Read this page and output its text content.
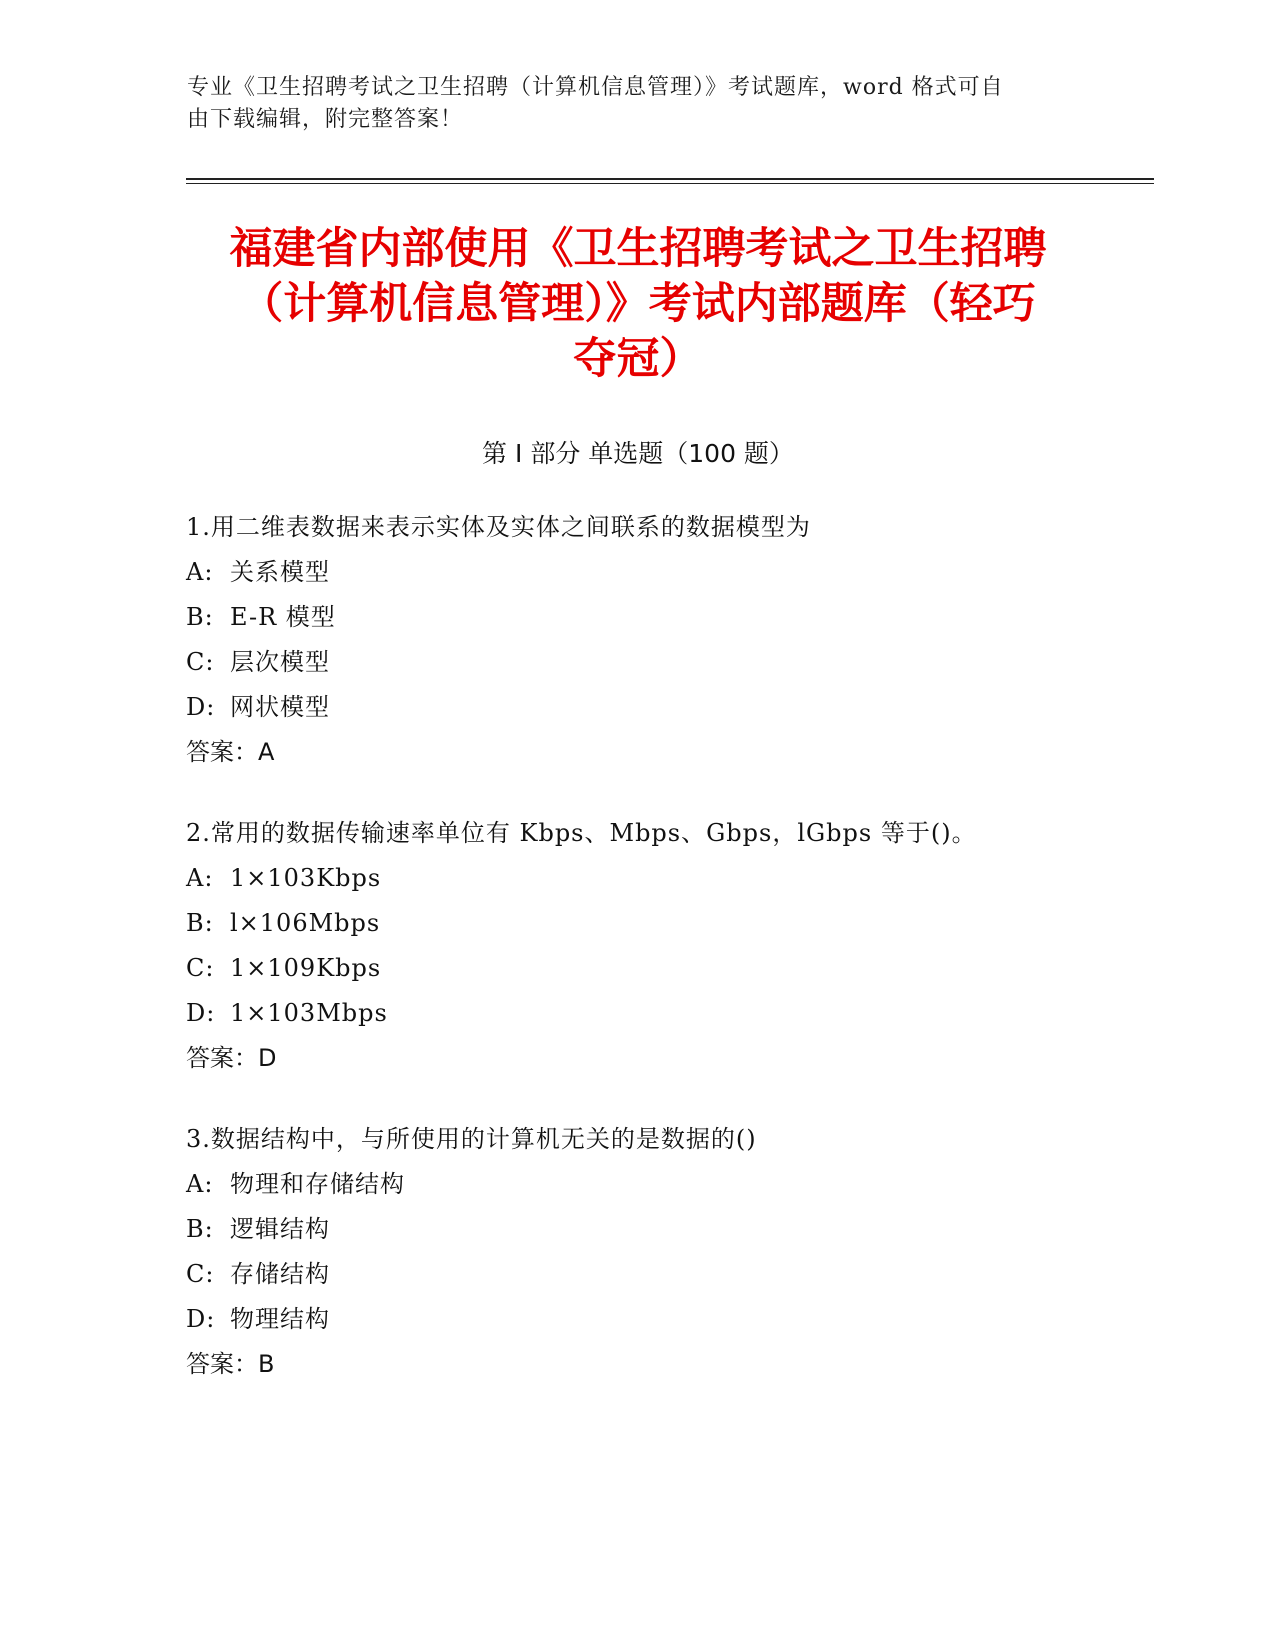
专业《卫生招聘考试之卫生招聘（计算机信息管理）》考试题库，word 格式可自
由下载编辑，附完整答案！
福建省内部使用《卫生招聘考试之卫生招聘
（计算机信息管理）》考试内部题库（轻巧
夺冠）
第 I 部分 单选题（100 题）
1.用二维表数据来表示实体及实体之间联系的数据模型为
A: 关系模型
B: E-R 模型
C: 层次模型
D: 网状模型
答案：A
2.常用的数据传输速率单位有 Kbps、Mbps、Gbps，lGbps 等于()。
A: 1×103Kbps
B: l×106Mbps
C: 1×109Kbps
D: 1×103Mbps
答案：D
3.数据结构中，与所使用的计算机无关的是数据的()
A: 物理和存储结构
B: 逻辑结构
C: 存储结构
D: 物理结构
答案：B
